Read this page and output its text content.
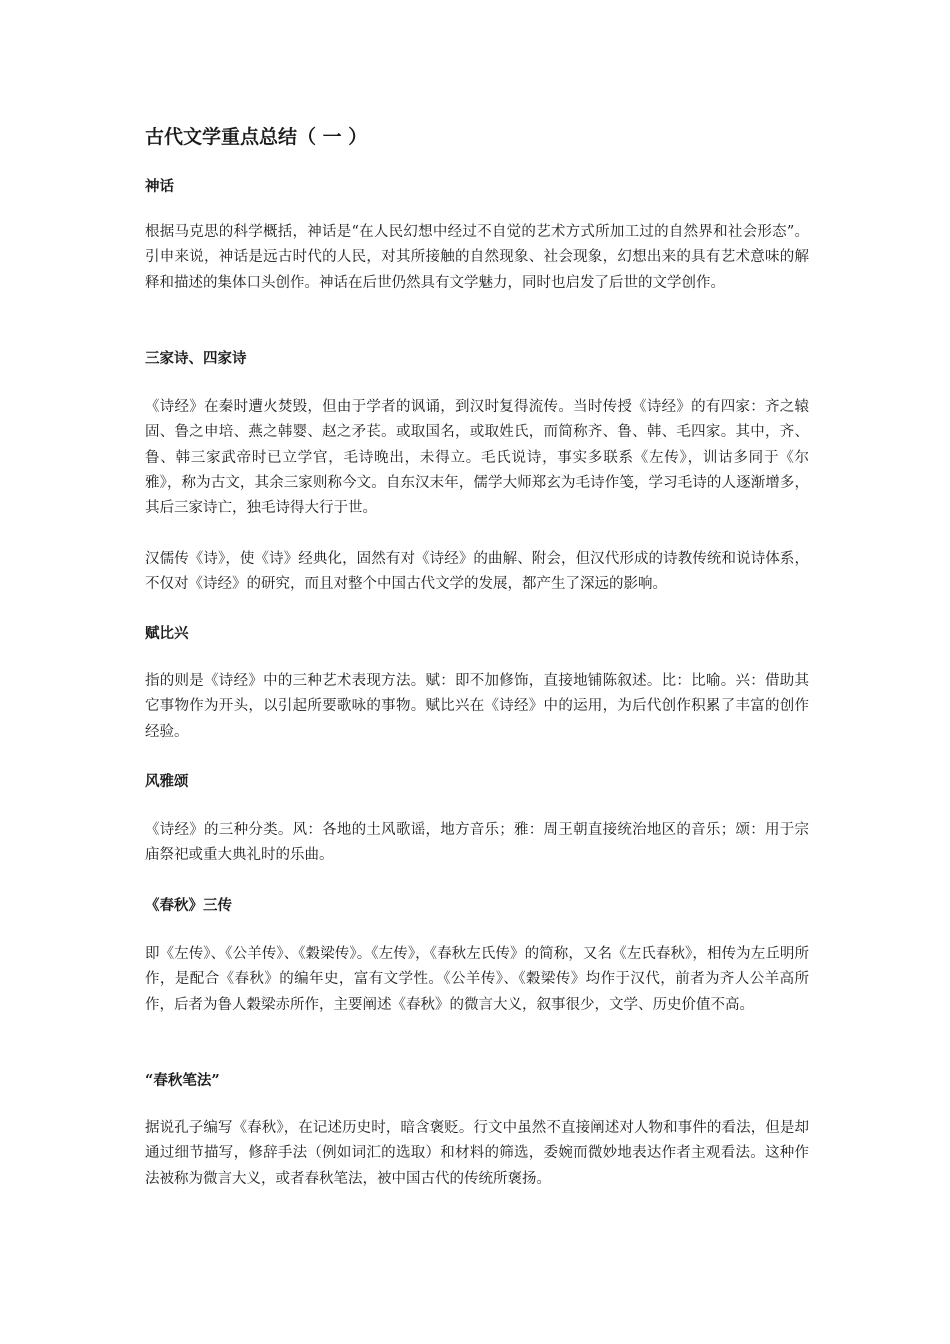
古代文学重点总结（ 一 ）
神话

根据马克思的科学概括，神话是“在人民幻想中经过不自觉的艺术方式所加工过的自然界和社会形态”。引申来说，神话是远古时代的人民，对其所接触的自然现象、社会现象，幻想出来的具有艺术意味的解释和描述的集体口头创作。神话在后世仍然具有文学魅力，同时也启发了后世的文学创作。

三家诗、四家诗

《诗经》在秦时遭火焚毁，但由于学者的讽诵，到汉时复得流传。当时传授《诗经》的有四家：齐之辕固、鲁之申培、燕之韩婴、赵之矛苌。或取国名，或取姓氏，而简称齐、鲁、韩、毛四家。其中，齐、鲁、韩三家武帝时已立学官，毛诗晚出，未得立。毛氏说诗，事实多联系《左传》，训诂多同于《尔雅》，称为古文，其余三家则称今文。自东汉末年，儒学大师郑玄为毛诗作笺，学习毛诗的人逐渐增多，其后三家诗亡，独毛诗得大行于世。

汉儒传《诗》，使《诗》经典化，固然有对《诗经》的曲解、附会，但汉代形成的诗教传统和说诗体系，不仅对《诗经》的研究，而且对整个中国古代文学的发展，都产生了深远的影响。

赋比兴

指的则是《诗经》中的三种艺术表现方法。赋：即不加修饰，直接地铺陈叙述。比：比喻。兴：借助其它事物作为开头，以引起所要歌咏的事物。赋比兴在《诗经》中的运用，为后代创作积累了丰富的创作经验。

风雅颂

《诗经》的三种分类。风：各地的土风歌谣，地方音乐；雅：周王朝直接统治地区的音乐；颂：用于宗庙祭祀或重大典礼时的乐曲。

《春秋》三传

即《左传》、《公羊传》、《穀梁传》。《左传》，《春秋左氏传》的简称，又名《左氏春秋》，相传为左丘明所作，是配合《春秋》的编年史，富有文学性。《公羊传》、《穀梁传》均作于汉代，前者为齐人公羊高所作，后者为鲁人穀梁赤所作，主要阐述《春秋》的微言大义，叙事很少，文学、历史价值不高。

“春秋笔法”

据说孔子编写《春秋》，在记述历史时，暗含褒贬。行文中虽然不直接阐述对人物和事件的看法，但是却通过细节描写，修辞手法（例如词汇的选取）和材料的筛选，委婉而微妙地表达作者主观看法。这种作法被称为微言大义，或者春秋笔法，被中国古代的传统所褒扬。
